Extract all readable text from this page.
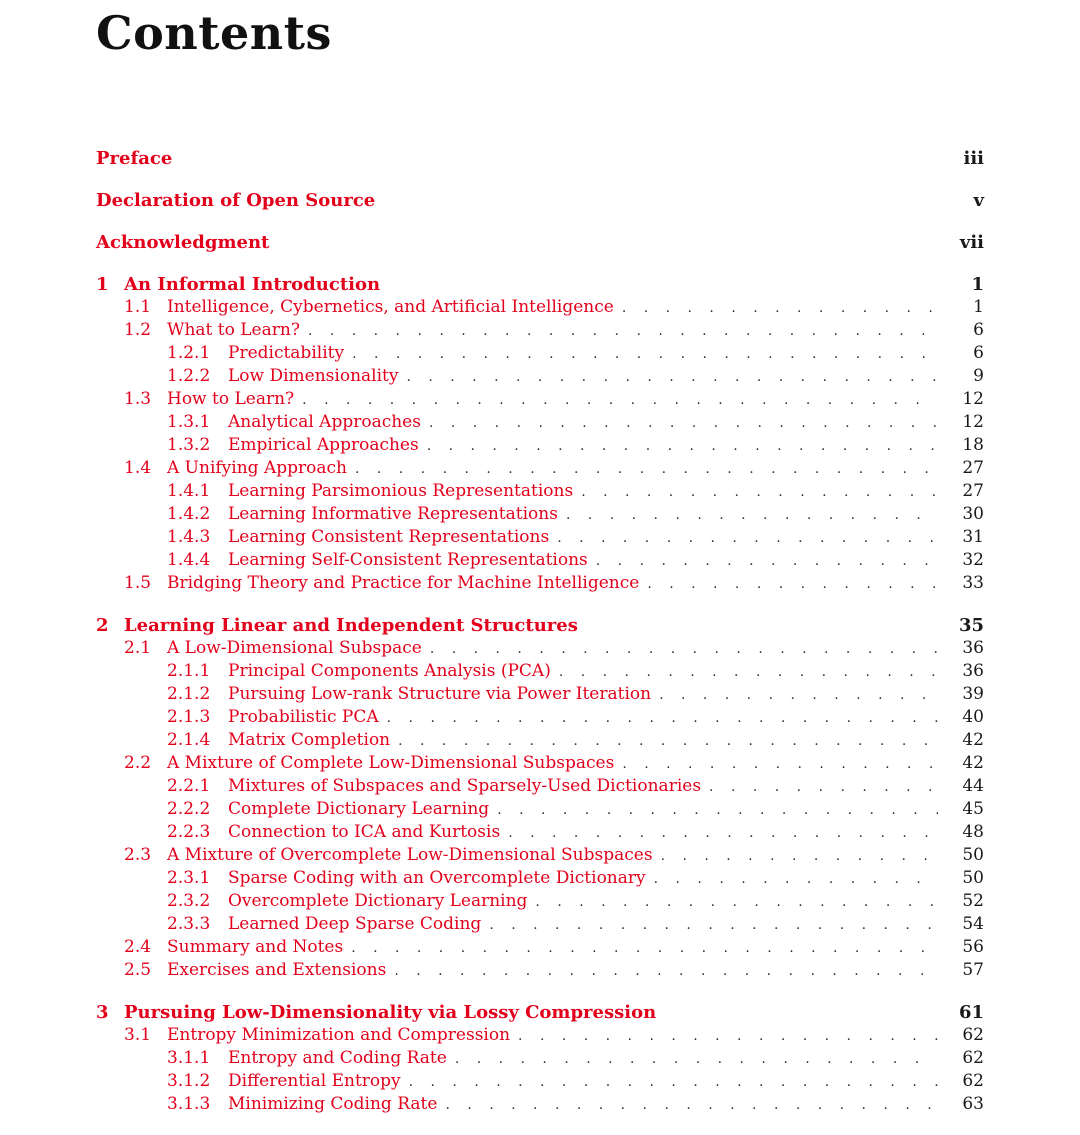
Contents
Preface	iii
Declaration of Open Source	v
Acknowledgment	vii
1 An Informal Introduction	1
1.1 Intelligence, Cybernetics, and Artificial Intelligence . . .	1
1.2 What to Learn? . . .	6
1.2.1 Predictability . . .	6
1.2.2 Low Dimensionality . . .	9
1.3 How to Learn? . . .	12
1.3.1 Analytical Approaches . . .	12
1.3.2 Empirical Approaches . . .	18
1.4 A Unifying Approach . . .	27
1.4.1 Learning Parsimonious Representations . . .	27
1.4.2 Learning Informative Representations . . .	30
1.4.3 Learning Consistent Representations . . .	31
1.4.4 Learning Self-Consistent Representations . . .	32
1.5 Bridging Theory and Practice for Machine Intelligence . . .	33
2 Learning Linear and Independent Structures	35
2.1 A Low-Dimensional Subspace . . .	36
2.1.1 Principal Components Analysis (PCA) . . .	36
2.1.2 Pursuing Low-rank Structure via Power Iteration . . .	39
2.1.3 Probabilistic PCA . . .	40
2.1.4 Matrix Completion . . .	42
2.2 A Mixture of Complete Low-Dimensional Subspaces . . .	42
2.2.1 Mixtures of Subspaces and Sparsely-Used Dictionaries . . .	44
2.2.2 Complete Dictionary Learning . . .	45
2.2.3 Connection to ICA and Kurtosis . . .	48
2.3 A Mixture of Overcomplete Low-Dimensional Subspaces . . .	50
2.3.1 Sparse Coding with an Overcomplete Dictionary . . .	50
2.3.2 Overcomplete Dictionary Learning . . .	52
2.3.3 Learned Deep Sparse Coding . . .	54
2.4 Summary and Notes . . .	56
2.5 Exercises and Extensions . . .	57
3 Pursuing Low-Dimensionality via Lossy Compression	61
3.1 Entropy Minimization and Compression . . .	62
3.1.1 Entropy and Coding Rate . . .	62
3.1.2 Differential Entropy . . .	62
3.1.3 Minimizing Coding Rate . . .	63
